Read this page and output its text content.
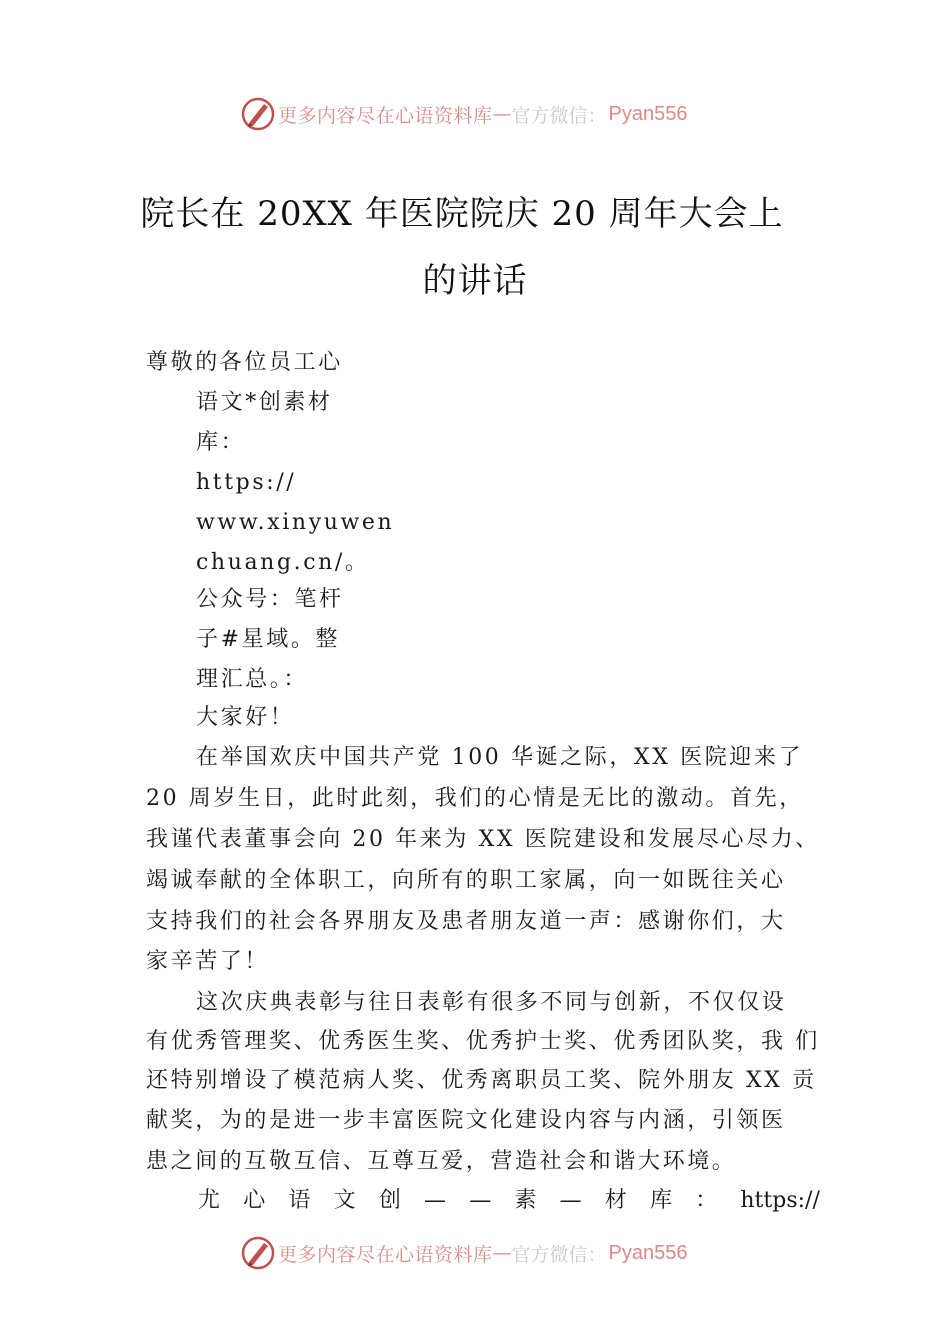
更多内容尽在心语资料库 — 官方微信： Pyan556
院长在 20XX 年医院院庆 20 周年大会上
的讲话
尊敬的各位员工心
语文*创素材
库：
https://
www.xinyuwen
chuang.cn/。
公众号：笔杆
子#星域。整
理汇总。：
大家好！
在举国欢庆中国共产党 100 华诞之际，XX 医院迎来了
20 周岁生日，此时此刻，我们的心情是无比的激动。首先，
我谨代表董事会向 20 年来为 XX 医院建设和发展尽心尽力、
竭诚奉献的全体职工，向所有的职工家属，向一如既往关心
支持我们的社会各界朋友及患者朋友道一声：感谢你们，大
家辛苦了！
这次庆典表彰与往日表彰有很多不同与创新，不仅仅设
有优秀管理奖、优秀医生奖、优秀护士奖、优秀团队奖，我 们
还特别增设了模范病人奖、优秀离职员工奖、院外朋友 XX 贡
献奖，为的是进一步丰富医院文化建设内容与内涵，引领医
患之间的互敬互信、互尊互爱，营造社会和谐大环境。
尤 心 语 文 创 — — 素 — 材 库 ： https://
更多内容尽在心语资料库 — 官方微信： Pyan556
